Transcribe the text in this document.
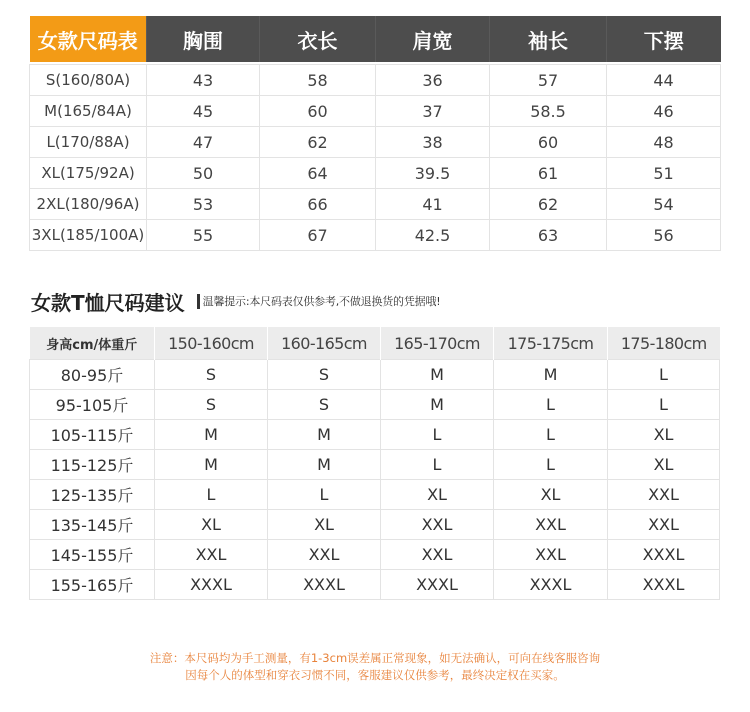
女款尺码表	胸围	衣长	肩宽	袖长	下摆

S(160/80A)	43	58	36	57	44
M(165/84A)	45	60	37	58.5	46
L(170/88A)	47	62	38	60	48
XL(175/92A)	50	64	39.5	61	51
2XL(180/96A)	53	66	41	62	54
3XL(185/100A)	55	67	42.5	63	56
女款T恤尺码建议 温馨提示:本尺码表仅供参考,不做退换货的凭据哦!
身高cm/体重斤	150-160cm	160-165cm	165-170cm	175-175cm	175-180cm
80-95斤	S	S	M	M	L
95-105斤	S	S	M	L	L
105-115斤	M	M	L	L	XL
115-125斤	M	M	L	L	XL
125-135斤	L	L	XL	XL	XXL
135-145斤	XL	XL	XXL	XXL	XXL
145-155斤	XXL	XXL	XXL	XXL	XXXL
155-165斤	XXXL	XXXL	XXXL	XXXL	XXXL
注意：本尺码均为手工测量，有1-3cm误差属正常现象，如无法确认，可向在线客服咨询
因每个人的体型和穿衣习惯不同，客服建议仅供参考，最终决定权在买家。
